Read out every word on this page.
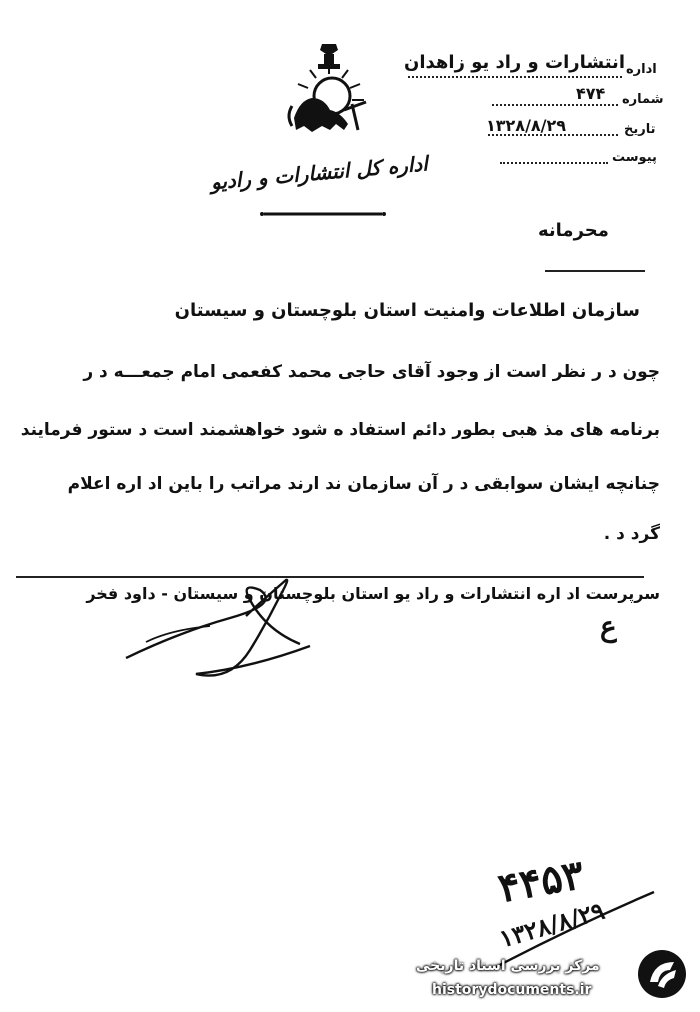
اداره کل انتشارات و رادیو
اداره
انتشارات و راد یو زاهدان
شماره
۴۷۴
تاریخ
۱۳۲۸/۸/۲۹
پیوست
محرمانه
سازمان اطلاعات وامنیت استان بلوچستان و سیستان
چون د ر نظر است از وجود آقای حاجی محمد کفعمی امام جمعـــه د ر
برنامه های مذ هبی بطور دائم استفاد ه شود خواهشمند است د ستور فرمایند
چنانچه ایشان سوابقی د ر آن سازمان ند ارند مراتب را باین اد اره اعلام
گرد د .
سرپرست اد اره انتشارات و راد یو استان بلوچستان و سیستان - داود فخر
ع
۴۴۵۳
۱۳۲۸/۸/۲۹
مرکز بررسی اسناد تاریخی
historydocuments.ir
